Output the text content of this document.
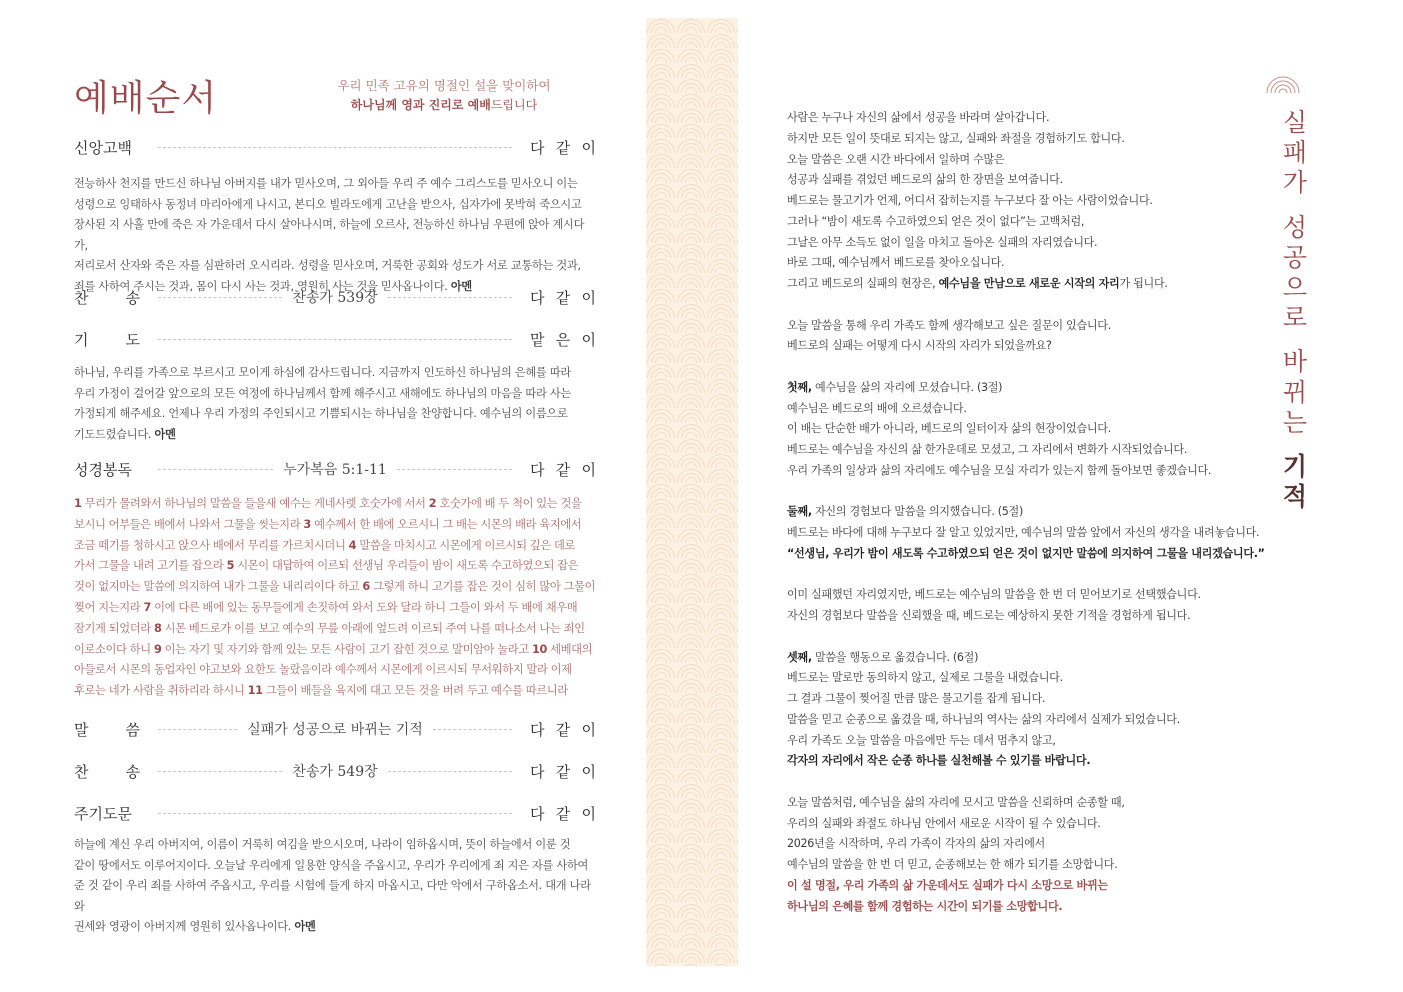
예배순서	우리 민족 고유의 명절인 설을 맞이하여
하나님께 영과 진리로 예배드립니다
신앙고백	다 같 이
찬 송	찬송가 539장	다 같 이
기 도	맡 은 이
성경봉독	누가복음 5:1-11	다 같 이
말 씀	실패가 성공으로 바뀌는 기적	다 같 이
찬 송	찬송가 549장	다 같 이
주기도문	다 같 이
전능하사 천지를 만드신 하나님 아버지를 내가 믿사오며, 그 외아들 우리 주 예수 그리스도를 믿사오니 이는
성령으로 잉태하사 동정녀 마리아에게 나시고, 본디오 빌라도에게 고난을 받으사, 십자가에 못박혀 죽으시고
장사된 지 사흘 만에 죽은 자 가운데서 다시 살아나시며, 하늘에 오르사, 전능하신 하나님 우편에 앉아 계시다가,
저리로서 산자와 죽은 자를 심판하러 오시리라. 성령을 믿사오며, 거룩한 공회와 성도가 서로 교통하는 것과,
죄를 사하여 주시는 것과, 몸이 다시 사는 것과, 영원히 사는 것을 믿사옵나이다. 아멘
하나님, 우리를 가족으로 부르시고 모이게 하심에 감사드립니다. 지금까지 인도하신 하나님의 은혜를 따라
우리 가정이 걸어갈 앞으로의 모든 여정에 하나님께서 함께 해주시고 새해에도 하나님의 마음을 따라 사는
가정되게 해주세요. 언제나 우리 가정의 주인되시고 기쁨되시는 하나님을 찬양합니다. 예수님의 이름으로
기도드렸습니다. 아멘
1 무리가 몰려와서 하나님의 말씀을 들을새 예수는 게네사렛 호숫가에 서서 2 호숫가에 배 두 척이 있는 것을
보시니 어부들은 배에서 나와서 그물을 씻는지라 3 예수께서 한 배에 오르시니 그 배는 시몬의 배라 육지에서
조금 떼기를 청하시고 앉으사 배에서 무리를 가르치시더니 4 말씀을 마치시고 시몬에게 이르시되 깊은 데로
가서 그물을 내려 고기를 잡으라 5 시몬이 대답하여 이르되 선생님 우리들이 밤이 새도록 수고하였으되 잡은
것이 없지마는 말씀에 의지하여 내가 그물을 내리리이다 하고 6 그렇게 하니 고기를 잡은 것이 심히 많아 그물이
찢어 지는지라 7 이에 다른 배에 있는 동무들에게 손짓하여 와서 도와 달라 하니 그들이 와서 두 배에 채우매
잠기게 되었더라 8 시몬 베드로가 이를 보고 예수의 무릎 아래에 엎드려 이르되 주여 나를 떠나소서 나는 죄인
이로소이다 하니 9 이는 자기 및 자기와 함께 있는 모든 사람이 고기 잡힌 것으로 말미암아 놀라고 10 세베대의
아들로서 시몬의 동업자인 야고보와 요한도 놀랐음이라 예수께서 시몬에게 이르시되 무서워하지 말라 이제
후로는 네가 사람을 취하리라 하시니 11 그들이 배들을 육지에 대고 모든 것을 버려 두고 예수를 따르니라
하늘에 계신 우리 아버지여, 이름이 거룩히 여김을 받으시오며, 나라이 임하옵시며, 뜻이 하늘에서 이룬 것
같이 땅에서도 이루어지이다. 오늘날 우리에게 일용한 양식을 주옵시고, 우리가 우리에게 죄 지은 자를 사하여
준 것 같이 우리 죄를 사하여 주옵시고, 우리를 시험에 들게 하지 마옵시고, 다만 악에서 구하옵소서. 대개 나라와
권세와 영광이 아버지께 영원히 있사옵나이다. 아멘

사람은 누구나 자신의 삶에서 성공을 바라며 살아갑니다.

하지만 모든 일이 뜻대로 되지는 않고, 실패와 좌절을 경험하기도 합니다.

오늘 말씀은 오랜 시간 바다에서 일하며 수많은

성공과 실패를 겪었던 베드로의 삶의 한 장면을 보여줍니다.

베드로는 물고기가 언제, 어디서 잡히는지를 누구보다 잘 아는 사람이었습니다.

그러나 “밤이 새도록 수고하였으되 얻은 것이 없다”는 고백처럼,

그날은 아무 소득도 없이 일을 마치고 돌아온 실패의 자리였습니다.

바로 그때, 예수님께서 베드로를 찾아오십니다.

그리고 베드로의 실패의 현장은, 예수님을 만남으로 새로운 시작의 자리가 됩니다.

오늘 말씀을 통해 우리 가족도 함께 생각해보고 싶은 질문이 있습니다.

베드로의 실패는 어떻게 다시 시작의 자리가 되었을까요?

첫째, 예수님을 삶의 자리에 모셨습니다. (3절)

예수님은 베드로의 배에 오르셨습니다.

이 배는 단순한 배가 아니라, 베드로의 일터이자 삶의 현장이었습니다.

베드로는 예수님을 자신의 삶 한가운데로 모셨고, 그 자리에서 변화가 시작되었습니다.

우리 가족의 일상과 삶의 자리에도 예수님을 모실 자리가 있는지 함께 돌아보면 좋겠습니다.

둘째, 자신의 경험보다 말씀을 의지했습니다. (5절)

베드로는 바다에 대해 누구보다 잘 알고 있었지만, 예수님의 말씀 앞에서 자신의 생각을 내려놓습니다.

“선생님, 우리가 밤이 새도록 수고하였으되 얻은 것이 없지만 말씀에 의지하여 그물을 내리겠습니다.”

이미 실패했던 자리였지만, 베드로는 예수님의 말씀을 한 번 더 믿어보기로 선택했습니다.

자신의 경험보다 말씀을 신뢰했을 때, 베드로는 예상하지 못한 기적을 경험하게 됩니다.

셋째, 말씀을 행동으로 옮겼습니다. (6절)

베드로는 말로만 동의하지 않고, 실제로 그물을 내렸습니다.

그 결과 그물이 찢어질 만큼 많은 물고기를 잡게 됩니다.

말씀을 믿고 순종으로 옮겼을 때, 하나님의 역사는 삶의 자리에서 실제가 되었습니다.

우리 가족도 오늘 말씀을 마음에만 두는 데서 멈추지 않고,

각자의 자리에서 작은 순종 하나를 실천해볼 수 있기를 바랍니다.

오늘 말씀처럼, 예수님을 삶의 자리에 모시고 말씀을 신뢰하며 순종할 때,

우리의 실패와 좌절도 하나님 안에서 새로운 시작이 될 수 있습니다.

2026년을 시작하며, 우리 가족이 각자의 삶의 자리에서

예수님의 말씀을 한 번 더 믿고, 순종해보는 한 해가 되기를 소망합니다.

이 설 명절, 우리 가족의 삶 가운데서도 실패가 다시 소망으로 바뀌는

하나님의 은혜를 함께 경험하는 시간이 되기를 소망합니다.

실
패
가
성
공
으
로
바
뀌
는
기
적
